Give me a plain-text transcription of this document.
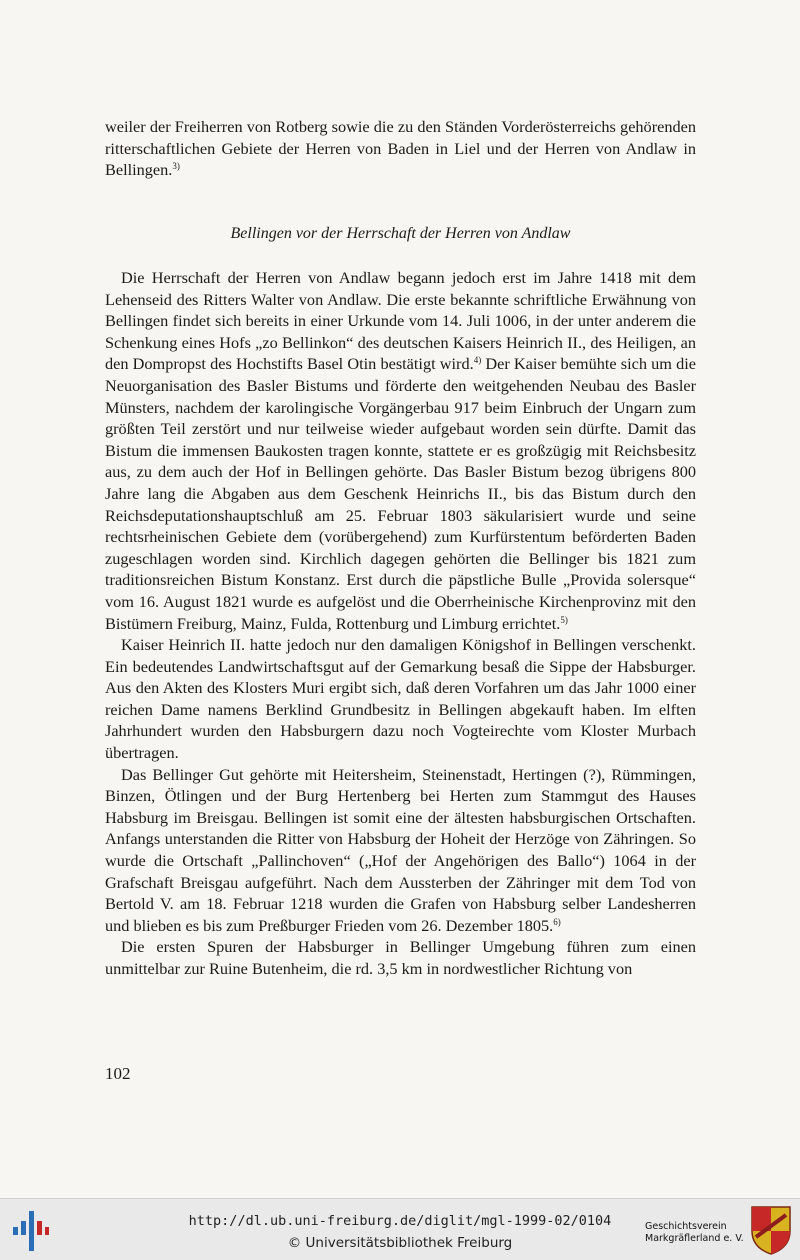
weiler der Freiherren von Rotberg sowie die zu den Ständen Vorderösterreichs gehörenden ritterschaftlichen Gebiete der Herren von Baden in Liel und der Herren von Andlaw in Bellingen.$^{3)}$

Bellingen vor der Herrschaft der Herren von Andlaw

Die Herrschaft der Herren von Andlaw begann jedoch erst im Jahre 1418 mit dem Lehenseid des Ritters Walter von Andlaw. Die erste bekannte schriftliche Erwähnung von Bellingen findet sich bereits in einer Urkunde vom 14. Juli 1006, in der unter anderem die Schenkung eines Hofs „zo Bellinkon“ des deutschen Kaisers Heinrich II., des Heiligen, an den Dompropst des Hochstifts Basel Otin bestätigt wird.$^{4)}$ Der Kaiser bemühte sich um die Neuorganisation des Basler Bistums und förderte den weitgehenden Neubau des Basler Münsters, nachdem der karolingische Vorgängerbau 917 beim Einbruch der Ungarn zum größten Teil zerstört und nur teilweise wieder aufgebaut worden sein dürfte. Damit das Bistum die immensen Baukosten tragen konnte, stattete er es großzügig mit Reichsbesitz aus, zu dem auch der Hof in Bellingen gehörte. Das Basler Bistum bezog übrigens 800 Jahre lang die Abgaben aus dem Geschenk Heinrichs II., bis das Bistum durch den Reichsdeputationshauptschluß am 25. Februar 1803 säkularisiert wurde und seine rechtsrheinischen Gebiete dem (vorübergehend) zum Kurfürstentum beförderten Baden zugeschlagen worden sind. Kirchlich dagegen gehörten die Bellinger bis 1821 zum traditionsreichen Bistum Konstanz. Erst durch die päpstliche Bulle „Provida solersque“ vom 16. August 1821 wurde es aufgelöst und die Oberrheinische Kirchenprovinz mit den Bistümern Freiburg, Mainz, Fulda, Rottenburg und Limburg errichtet.$^{5)}$

Kaiser Heinrich II. hatte jedoch nur den damaligen Königshof in Bellingen verschenkt. Ein bedeutendes Landwirtschaftsgut auf der Gemarkung besaß die Sippe der Habsburger. Aus den Akten des Klosters Muri ergibt sich, daß deren Vorfahren um das Jahr 1000 einer reichen Dame namens Berklind Grundbesitz in Bellingen abgekauft haben. Im elften Jahrhundert wurden den Habsburgern dazu noch Vogteirechte vom Kloster Murbach übertragen.

Das Bellinger Gut gehörte mit Heitersheim, Steinenstadt, Hertingen (?), Rümmingen, Binzen, Ötlingen und der Burg Hertenberg bei Herten zum Stammgut des Hauses Habsburg im Breisgau. Bellingen ist somit eine der ältesten habsburgischen Ortschaften. Anfangs unterstanden die Ritter von Habsburg der Hoheit der Herzöge von Zähringen. So wurde die Ortschaft „Pallinchoven“ („Hof der Angehörigen des Ballo“) 1064 in der Grafschaft Breisgau aufgeführt. Nach dem Aussterben der Zähringer mit dem Tod von Bertold V. am 18. Februar 1218 wurden die Grafen von Habsburg selber Landesherren und blieben es bis zum Preßburger Frieden vom 26. Dezember 1805.$^{6)}$

Die ersten Spuren der Habsburger in Bellinger Umgebung führen zum einen unmittelbar zur Ruine Butenheim, die rd. 3,5 km in nordwestlicher Richtung von

102
http://dl.ub.uni-freiburg.de/diglit/mgl-1999-02/0104
© Universitätsbibliothek Freiburg
Geschichtsverein
Markgräflerland e. V.
